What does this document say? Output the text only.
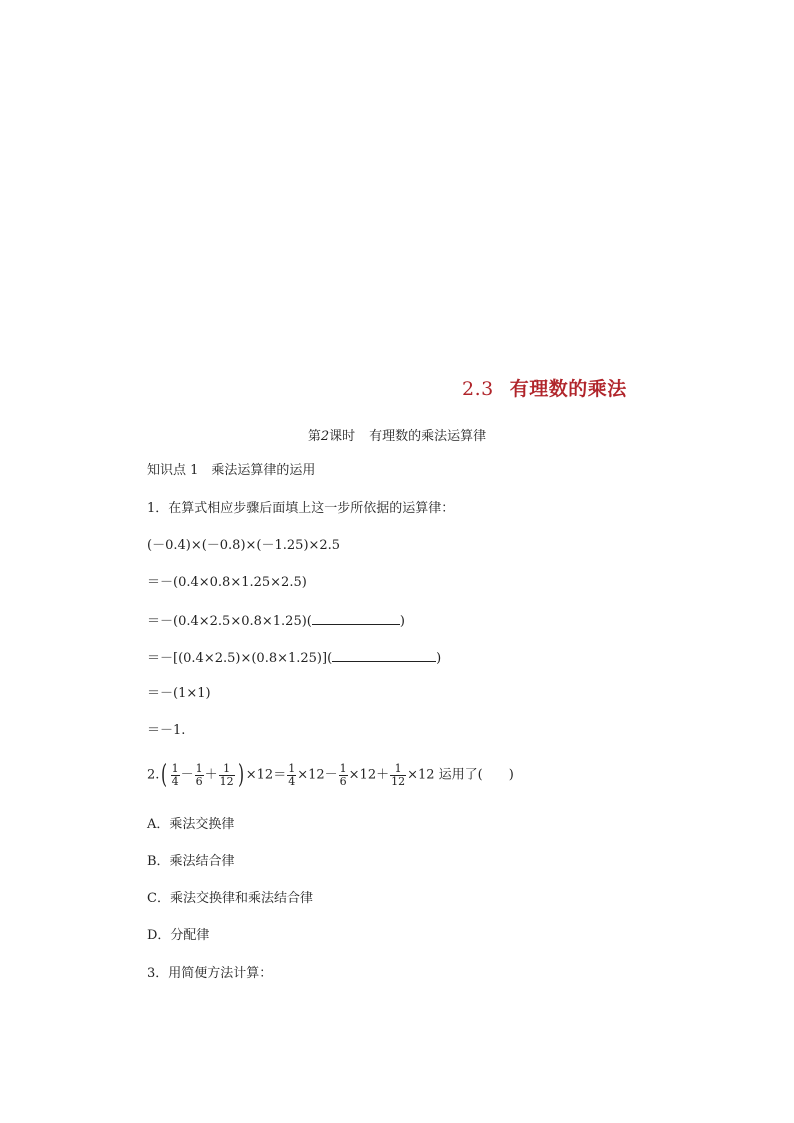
2.3 有理数的乘法
第2课时 有理数的乘法运算律
知识点 1　乘法运算律的运用
1．在算式相应步骤后面填上这一步所依据的运算律：
(－0.4)×(－0.8)×(－1.25)×2.5
＝－(0.4×0.8×1.25×2.5)
＝－(0.4×2.5×0.8×1.25)(	)
＝－[(0.4×2.5)×(0.8×1.25)](	)
＝－(1×1)
＝－1.
$2.( \frac{1}{4} - \frac{1}{6} + \frac{1}{12}$ ) $\times 12= \frac{1}{4} \times 12- \frac{1}{6} \times 12+ \frac{1}{12} \times 12$ 运用了(　　)
A．乘法交换律
B．乘法结合律
C．乘法交换律和乘法结合律
D．分配律
3．用简便方法计算：
